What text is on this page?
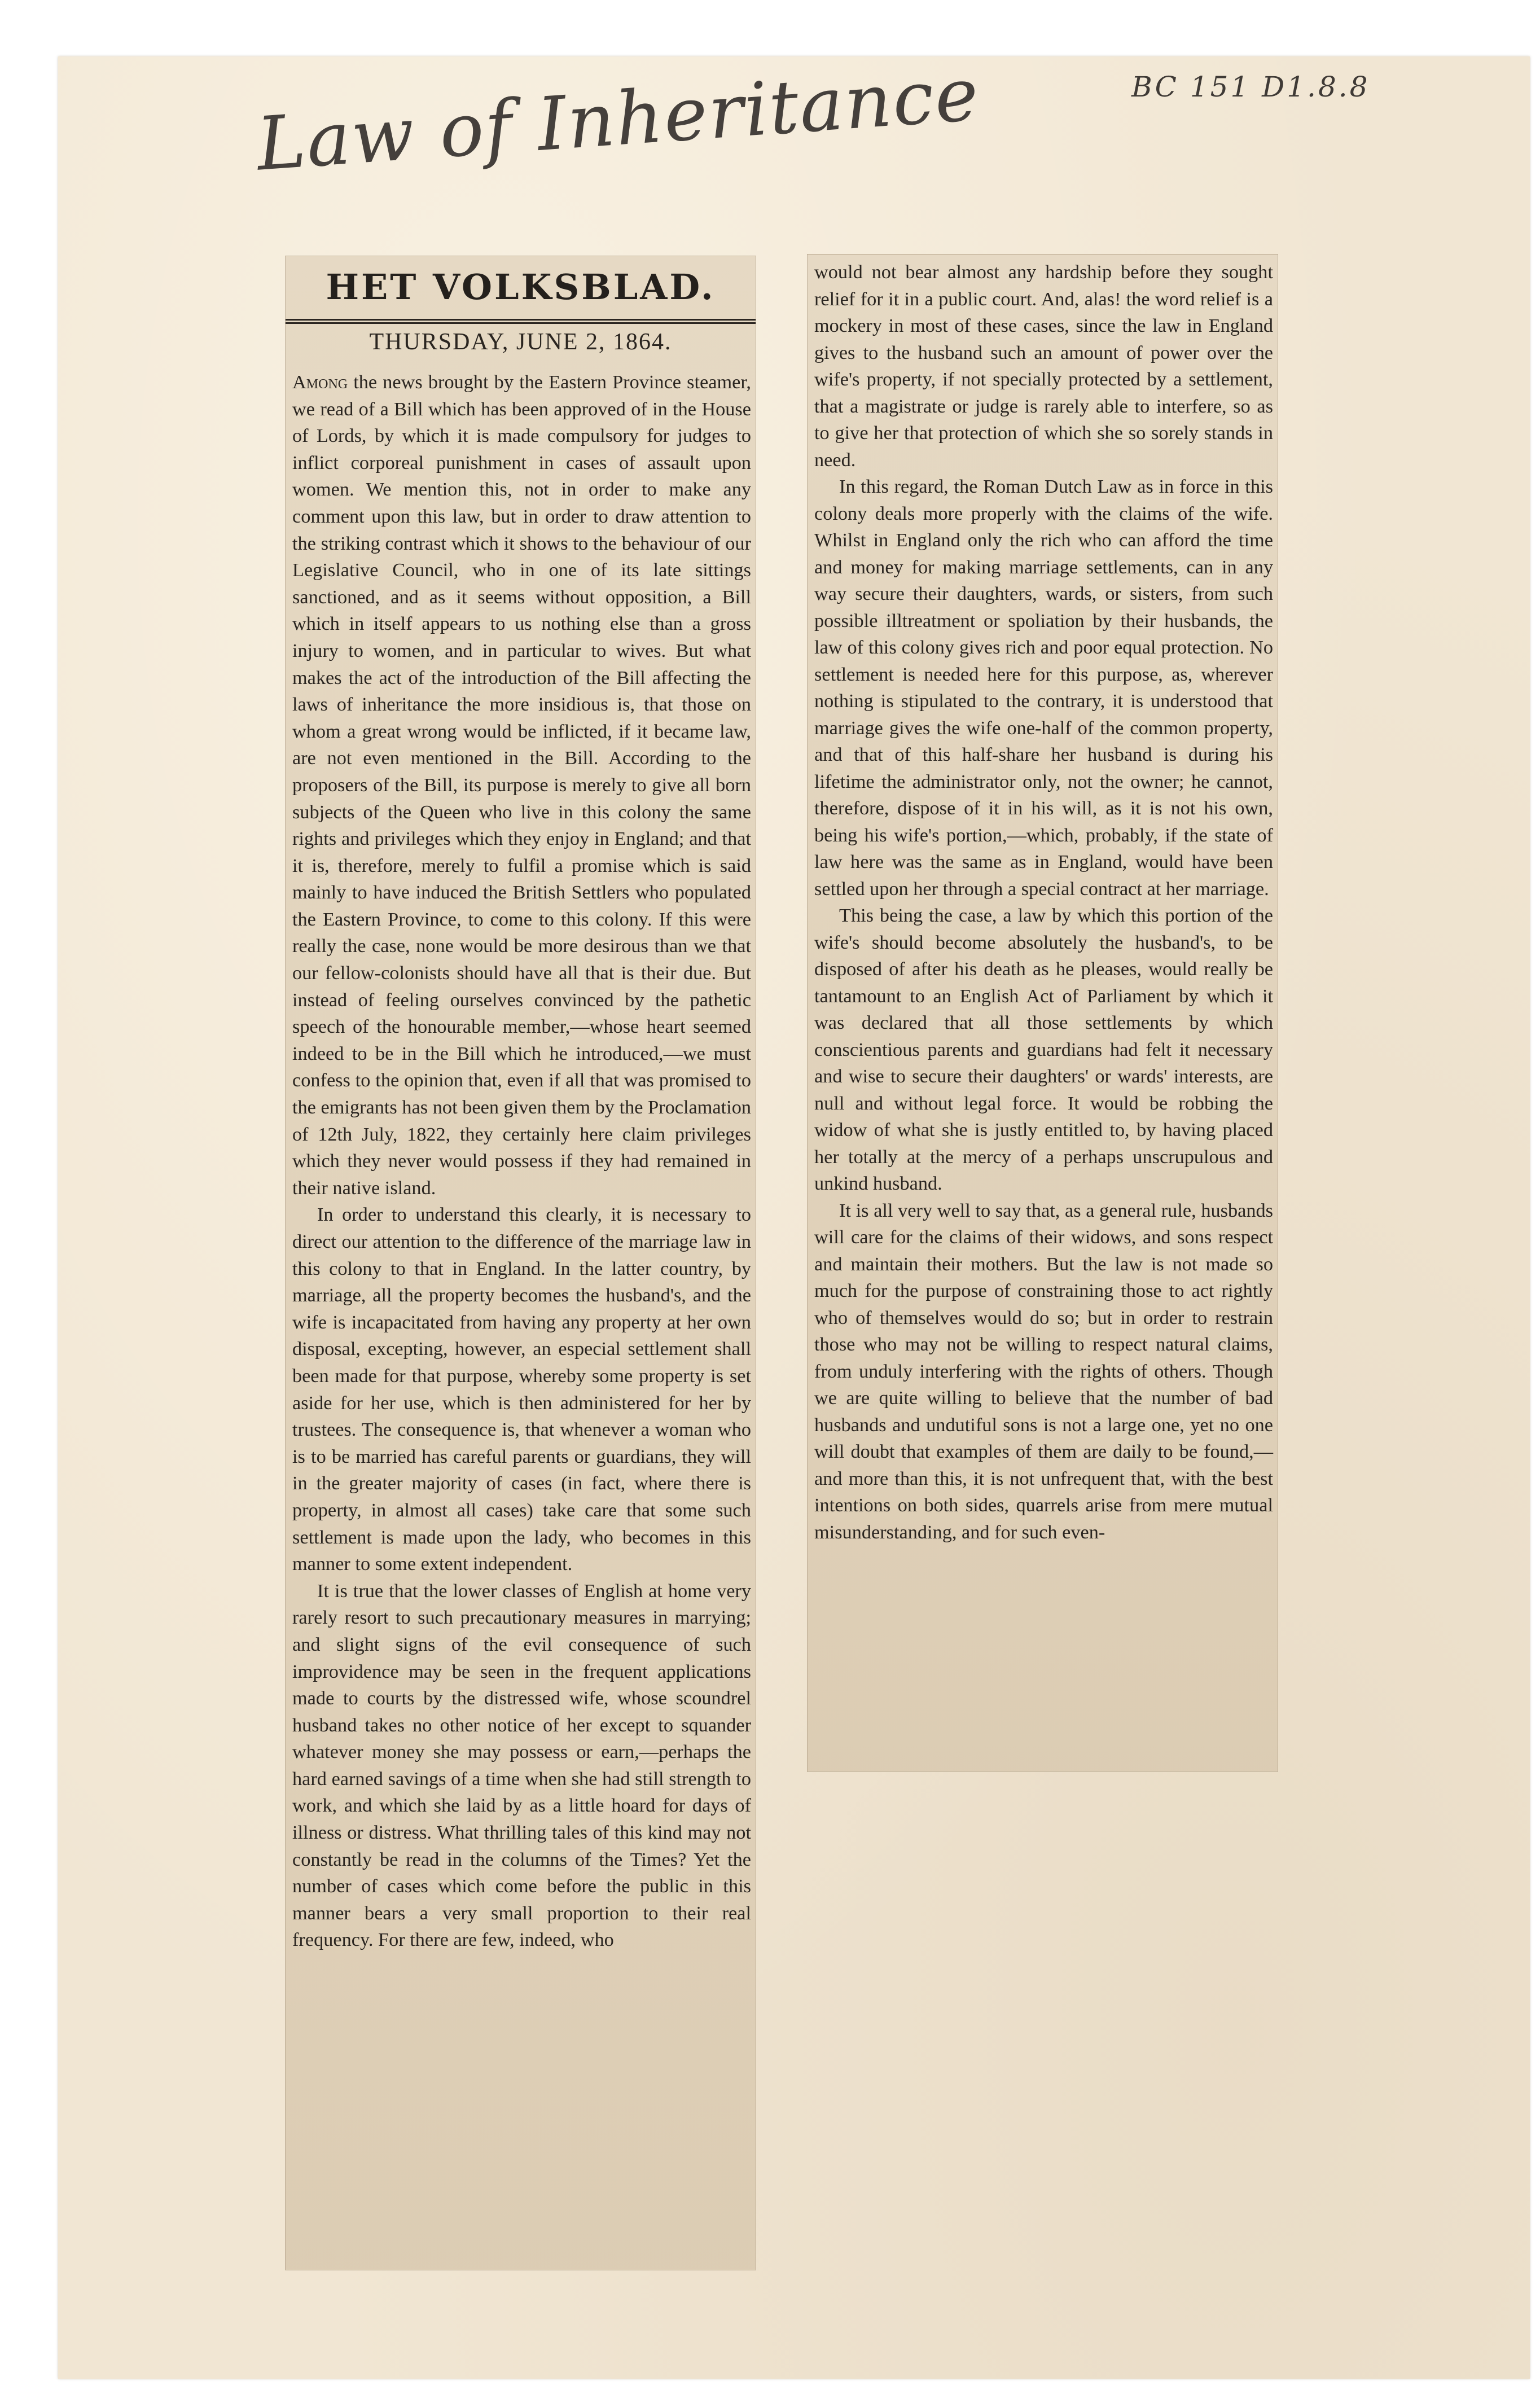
BC 151 D1.8.8
Law of Inheritance
HET VOLKSBLAD.
THURSDAY, JUNE 2, 1864.

Among the news brought by the Eastern Province steamer, we read of a Bill which has been approved of in the House of Lords, by which it is made compulsory for judges to inflict corporeal punishment in cases of assault upon women. We mention this, not in order to make any comment upon this law, but in order to draw attention to the striking contrast which it shows to the behaviour of our Legislative Council, who in one of its late sittings sanctioned, and as it seems without opposition, a Bill which in itself appears to us nothing else than a gross injury to women, and in particular to wives. But what makes the act of the introduction of the Bill affecting the laws of inheritance the more insidious is, that those on whom a great wrong would be inflicted, if it became law, are not even mentioned in the Bill. According to the proposers of the Bill, its purpose is merely to give all born subjects of the Queen who live in this colony the same rights and privileges which they enjoy in England; and that it is, therefore, merely to fulfil a promise which is said mainly to have induced the British Settlers who populated the Eastern Province, to come to this colony. If this were really the case, none would be more desirous than we that our fellow-colonists should have all that is their due. But instead of feeling ourselves convinced by the pathetic speech of the honourable member,—whose heart seemed indeed to be in the Bill which he introduced,—we must confess to the opinion that, even if all that was promised to the emigrants has not been given them by the Proclamation of 12th July, 1822, they certainly here claim privileges which they never would possess if they had remained in their native island.

In order to understand this clearly, it is necessary to direct our attention to the difference of the marriage law in this colony to that in England. In the latter country, by marriage, all the property becomes the husband's, and the wife is incapacitated from having any property at her own disposal, excepting, however, an especial settlement shall been made for that purpose, whereby some property is set aside for her use, which is then administered for her by trustees. The consequence is, that whenever a woman who is to be married has careful parents or guardians, they will in the greater majority of cases (in fact, where there is property, in almost all cases) take care that some such settlement is made upon the lady, who becomes in this manner to some extent independent.

It is true that the lower classes of English at home very rarely resort to such precautionary measures in marrying; and slight signs of the evil consequence of such improvidence may be seen in the frequent applications made to courts by the distressed wife, whose scoundrel husband takes no other notice of her except to squander whatever money she may possess or earn,—perhaps the hard earned savings of a time when she had still strength to work, and which she laid by as a little hoard for days of illness or distress. What thrilling tales of this kind may not constantly be read in the columns of the Times? Yet the number of cases which come before the public in this manner bears a very small proportion to their real frequency. For there are few, indeed, who

would not bear almost any hardship before they sought relief for it in a public court. And, alas! the word relief is a mockery in most of these cases, since the law in England gives to the husband such an amount of power over the wife's property, if not specially protected by a settlement, that a magistrate or judge is rarely able to interfere, so as to give her that protection of which she so sorely stands in need.

In this regard, the Roman Dutch Law as in force in this colony deals more properly with the claims of the wife. Whilst in England only the rich who can afford the time and money for making marriage settlements, can in any way secure their daughters, wards, or sisters, from such possible illtreatment or spoliation by their husbands, the law of this colony gives rich and poor equal protection. No settlement is needed here for this purpose, as, wherever nothing is stipulated to the contrary, it is understood that marriage gives the wife one-half of the common property, and that of this half-share her husband is during his lifetime the administrator only, not the owner; he cannot, therefore, dispose of it in his will, as it is not his own, being his wife's portion,—which, probably, if the state of law here was the same as in England, would have been settled upon her through a special contract at her marriage.

This being the case, a law by which this portion of the wife's should become absolutely the husband's, to be disposed of after his death as he pleases, would really be tantamount to an English Act of Parliament by which it was declared that all those settlements by which conscientious parents and guardians had felt it necessary and wise to secure their daughters' or wards' interests, are null and without legal force. It would be robbing the widow of what she is justly entitled to, by having placed her totally at the mercy of a perhaps unscrupulous and unkind husband.

It is all very well to say that, as a general rule, husbands will care for the claims of their widows, and sons respect and maintain their mothers. But the law is not made so much for the purpose of constraining those to act rightly who of themselves would do so; but in order to restrain those who may not be willing to respect natural claims, from unduly interfering with the rights of others. Though we are quite willing to believe that the number of bad husbands and undutiful sons is not a large one, yet no one will doubt that examples of them are daily to be found,—and more than this, it is not unfrequent that, with the best intentions on both sides, quarrels arise from mere mutual misunderstanding, and for such even-
